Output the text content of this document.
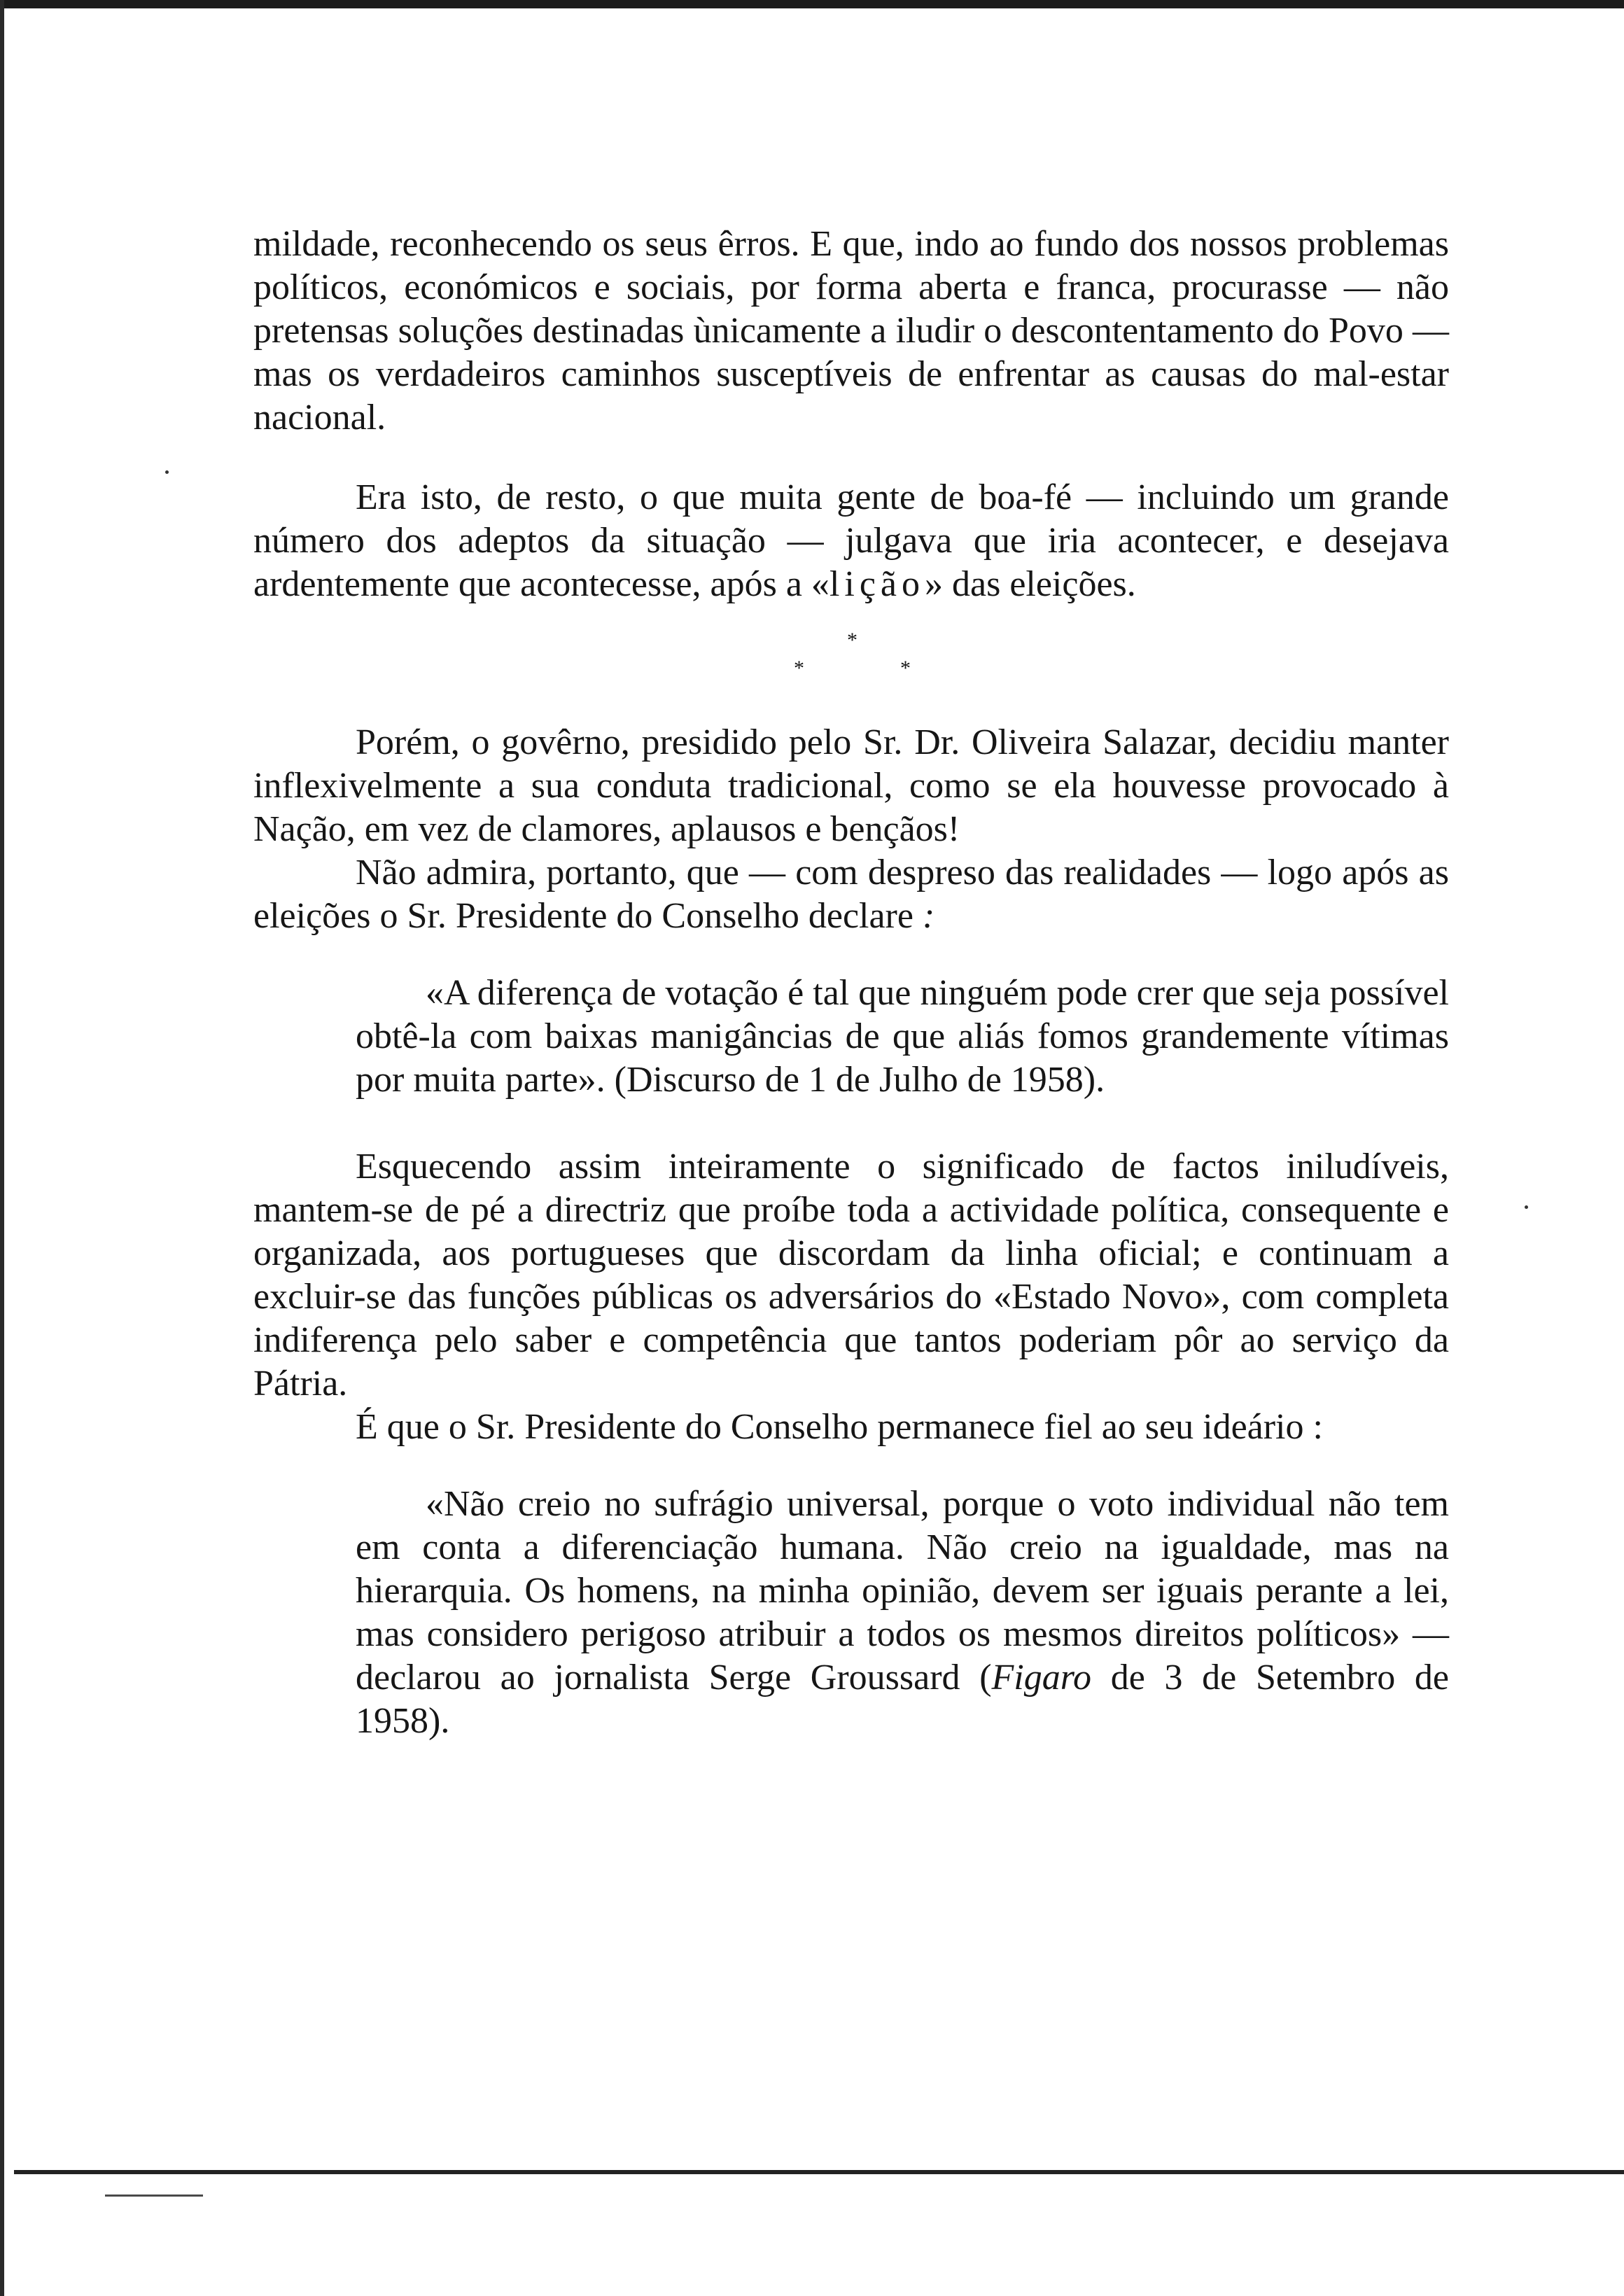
mildade, reconhecendo os seus êrros. E que, indo ao fundo dos nossos problemas políticos, económicos e sociais, por forma aberta e franca, procurasse — não pretensas soluções destinadas ùnicamente a iludir o descontentamento do Povo — mas os verdadeiros caminhos susceptíveis de enfrentar as causas do mal-estar nacional.

Era isto, de resto, o que muita gente de boa-fé — incluindo um grande número dos adeptos da situação — julgava que iria acontecer, e desejava ardentemente que acontecesse, após a «lição» das eleições.

*
*	*

Porém, o govêrno, presidido pelo Sr. Dr. Oliveira Salazar, decidiu manter inflexivelmente a sua conduta tradicional, como se ela houvesse provocado à Nação, em vez de clamores, aplausos e bençãos!

Não admira, portanto, que — com despreso das realidades — logo após as eleições o Sr. Presidente do Conselho declare :

«A diferença de votação é tal que ninguém pode crer que seja possível obtê-la com baixas manigâncias de que aliás fomos grandemente vítimas por muita parte». (Discurso de 1 de Julho de 1958).

Esquecendo assim inteiramente o significado de factos iniludíveis, mantem-se de pé a directriz que proíbe toda a actividade política, consequente e organizada, aos portugueses que discordam da linha oficial; e continuam a excluir-se das funções públicas os adversários do «Estado Novo», com completa indiferença pelo saber e competência que tantos poderiam pôr ao serviço da Pátria.

É que o Sr. Presidente do Conselho permanece fiel ao seu ideário :

«Não creio no sufrágio universal, porque o voto individual não tem em conta a diferenciação humana. Não creio na igualdade, mas na hierarquia. Os homens, na minha opinião, devem ser iguais perante a lei, mas considero perigoso atribuir a todos os mesmos direitos políticos» — declarou ao jornalista Serge Groussard (Figaro de 3 de Setembro de 1958).
